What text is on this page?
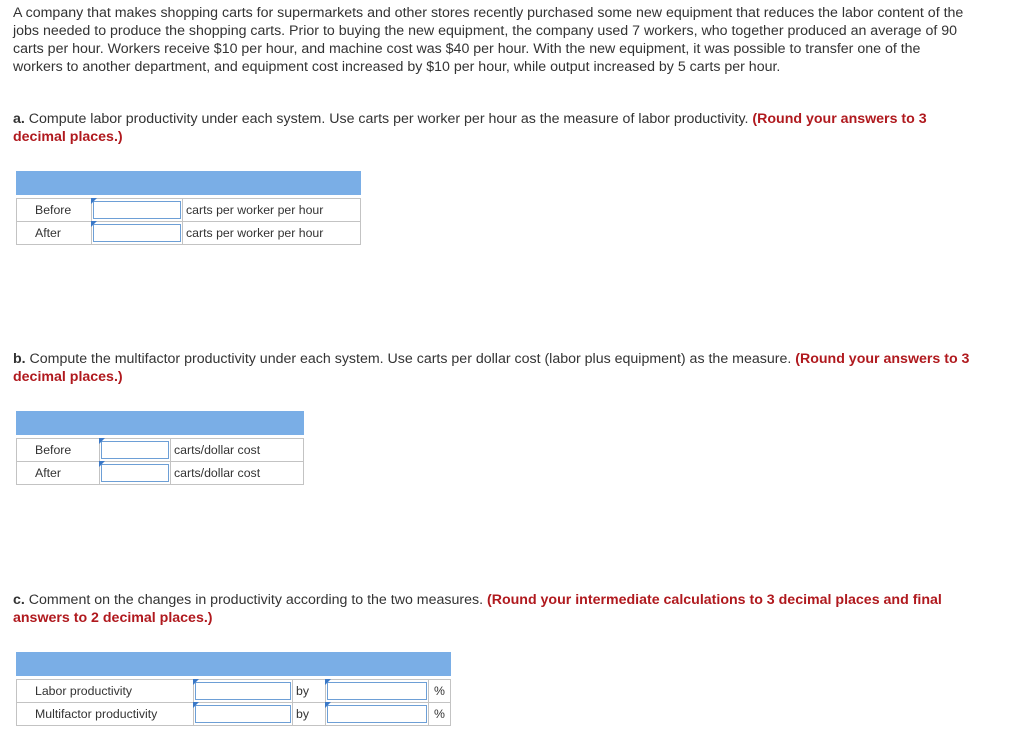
A company that makes shopping carts for supermarkets and other stores recently purchased some new equipment that reduces the labor content of the jobs needed to produce the shopping carts. Prior to buying the new equipment, the company used 7 workers, who together produced an average of 90 carts per hour. Workers receive $10 per hour, and machine cost was $40 per hour. With the new equipment, it was possible to transfer one of the workers to another department, and equipment cost increased by $10 per hour, while output increased by 5 carts per hour.

a. Compute labor productivity under each system. Use carts per worker per hour as the measure of labor productivity. (Round your answers to 3 decimal places.)

Before		carts per worker per hour
After		carts per worker per hour

b. Compute the multifactor productivity under each system. Use carts per dollar cost (labor plus equipment) as the measure. (Round your answers to 3 decimal places.)

Before		carts/dollar cost
After		carts/dollar cost

c. Comment on the changes in productivity according to the two measures. (Round your intermediate calculations to 3 decimal places and final answers to 2 decimal places.)

Labor productivity		by		%
Multifactor productivity		by		%
